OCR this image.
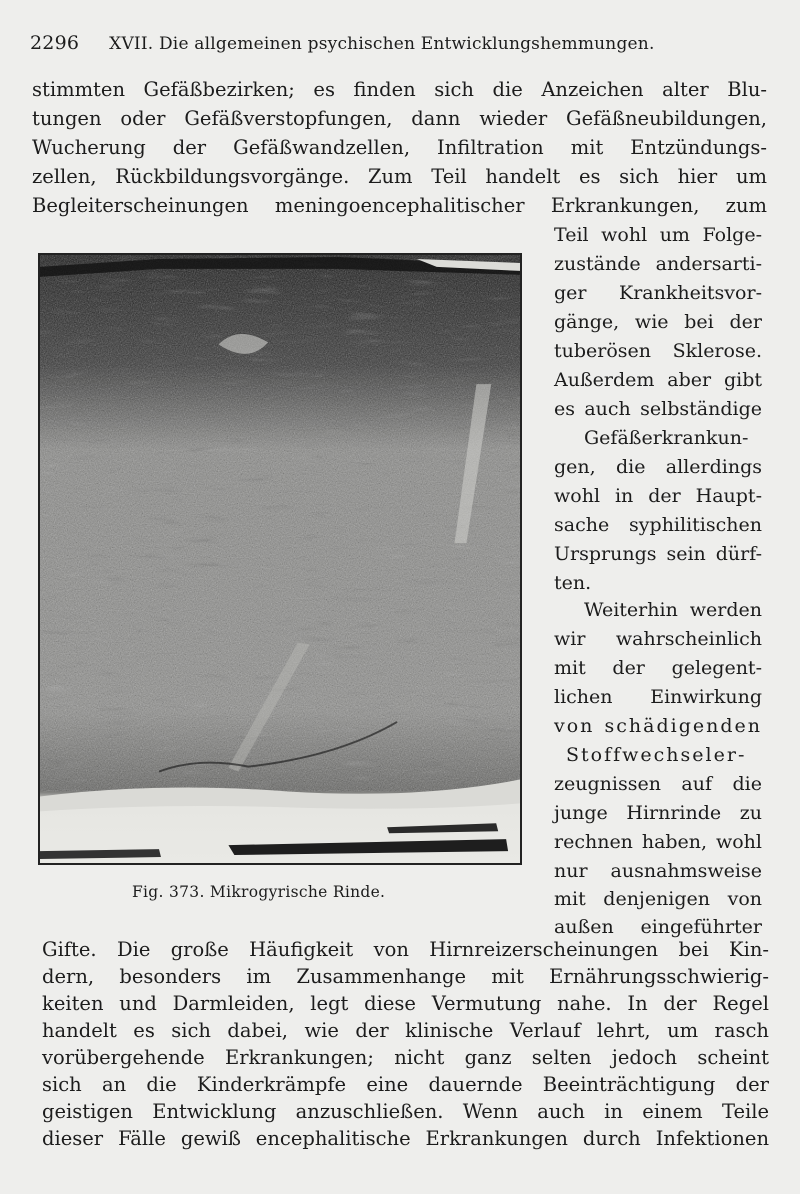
2296 XVII. Die allgemeinen psychischen Entwicklungshemmungen.
stimmten Gefäßbezirken; es finden sich die Anzeichen alter Blu-
tungen oder Gefäßverstopfungen, dann wieder Gefäßneubildungen,
Wucherung der Gefäßwandzellen, Infiltration mit Entzündungs-
zellen, Rückbildungsvorgänge. Zum Teil handelt es sich hier um
Begleiterscheinungen meningoencephalitischer Erkrankungen, zum
Fig. 373. Mikrogyrische Rinde.
Teil wohl um Folge-
zustände andersarti-
ger Krankheitsvor-
gänge, wie bei der
tuberösen Sklerose.
Außerdem aber gibt
es auch selbständige
Gefäßerkrankun-
gen, die allerdings
wohl in der Haupt-
sache syphilitischen
Ursprungs sein dürf-
ten.
Weiterhin werden
wir wahrscheinlich
mit der gelegent-
lichen Einwirkung
von schädigenden
Stoffwechseler-
zeugnissen auf die
junge Hirnrinde zu
rechnen haben, wohl
nur ausnahmsweise
mit denjenigen von
außen eingeführter
Gifte. Die große Häufigkeit von Hirnreizerscheinungen bei Kin-
dern, besonders im Zusammenhange mit Ernährungsschwierig-
keiten und Darmleiden, legt diese Vermutung nahe. In der Regel
handelt es sich dabei, wie der klinische Verlauf lehrt, um rasch
vorübergehende Erkrankungen; nicht ganz selten jedoch scheint
sich an die Kinderkrämpfe eine dauernde Beeinträchtigung der
geistigen Entwicklung anzuschließen. Wenn auch in einem Teile
dieser Fälle gewiß encephalitische Erkrankungen durch Infektionen
